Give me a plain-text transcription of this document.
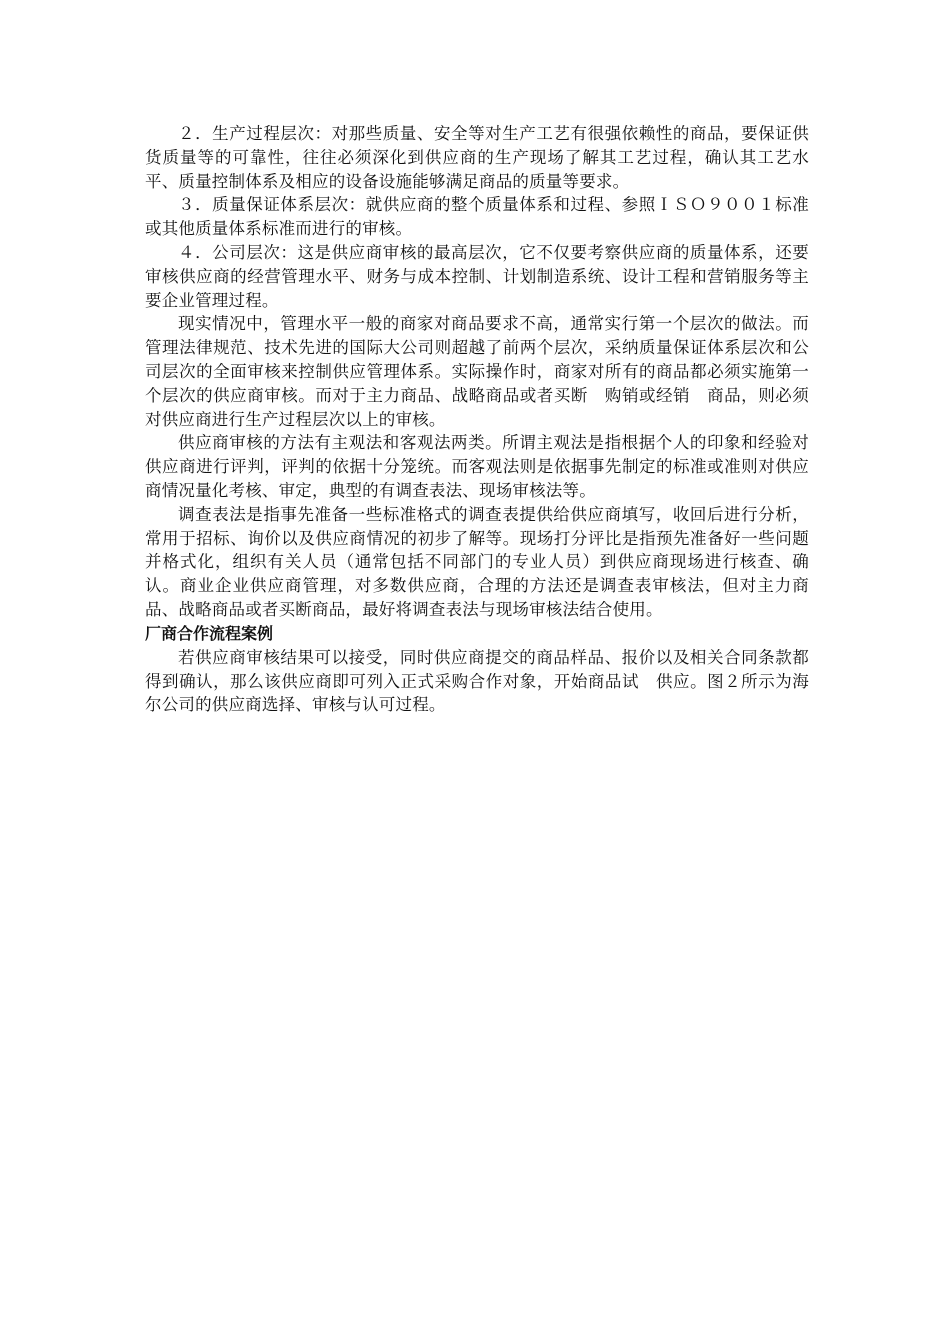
２．生产过程层次：对那些质量、安全等对生产工艺有很强依赖性的商品，要保证供货质量等的可靠性，往往必须深化到供应商的生产现场了解其工艺过程，确认其工艺水平、质量控制体系及相应的设备设施能够满足商品的质量等要求。

３．质量保证体系层次：就供应商的整个质量体系和过程、参照ＩＳＯ９００１标准或其他质量体系标准而进行的审核。

４．公司层次：这是供应商审核的最高层次，它不仅要考察供应商的质量体系，还要审核供应商的经营管理水平、财务与成本控制、计划制造系统、设计工程和营销服务等主要企业管理过程。

现实情况中，管理水平一般的商家对商品要求不高，通常实行第一个层次的做法。而管理法律规范、技术先进的国际大公司则超越了前两个层次，采纳质量保证体系层次和公司层次的全面审核来控制供应管理体系。实际操作时，商家对所有的商品都必须实施第一个层次的供应商审核。而对于主力商品、战略商品或者买断　购销或经销　商品，则必须对供应商进行生产过程层次以上的审核。

供应商审核的方法有主观法和客观法两类。所谓主观法是指根据个人的印象和经验对供应商进行评判，评判的依据十分笼统。而客观法则是依据事先制定的标准或准则对供应商情况量化考核、审定，典型的有调查表法、现场审核法等。

调查表法是指事先准备一些标准格式的调查表提供给供应商填写，收回后进行分析，常用于招标、询价以及供应商情况的初步了解等。现场打分评比是指预先准备好一些问题并格式化，组织有关人员（通常包括不同部门的专业人员）到供应商现场进行核查、确认。商业企业供应商管理，对多数供应商，合理的方法还是调查表审核法，但对主力商品、战略商品或者买断商品，最好将调查表法与现场审核法结合使用。

厂商合作流程案例

若供应商审核结果可以接受，同时供应商提交的商品样品、报价以及相关合同条款都得到确认，那么该供应商即可列入正式采购合作对象，开始商品试　供应。图２所示为海尔公司的供应商选择、审核与认可过程。
